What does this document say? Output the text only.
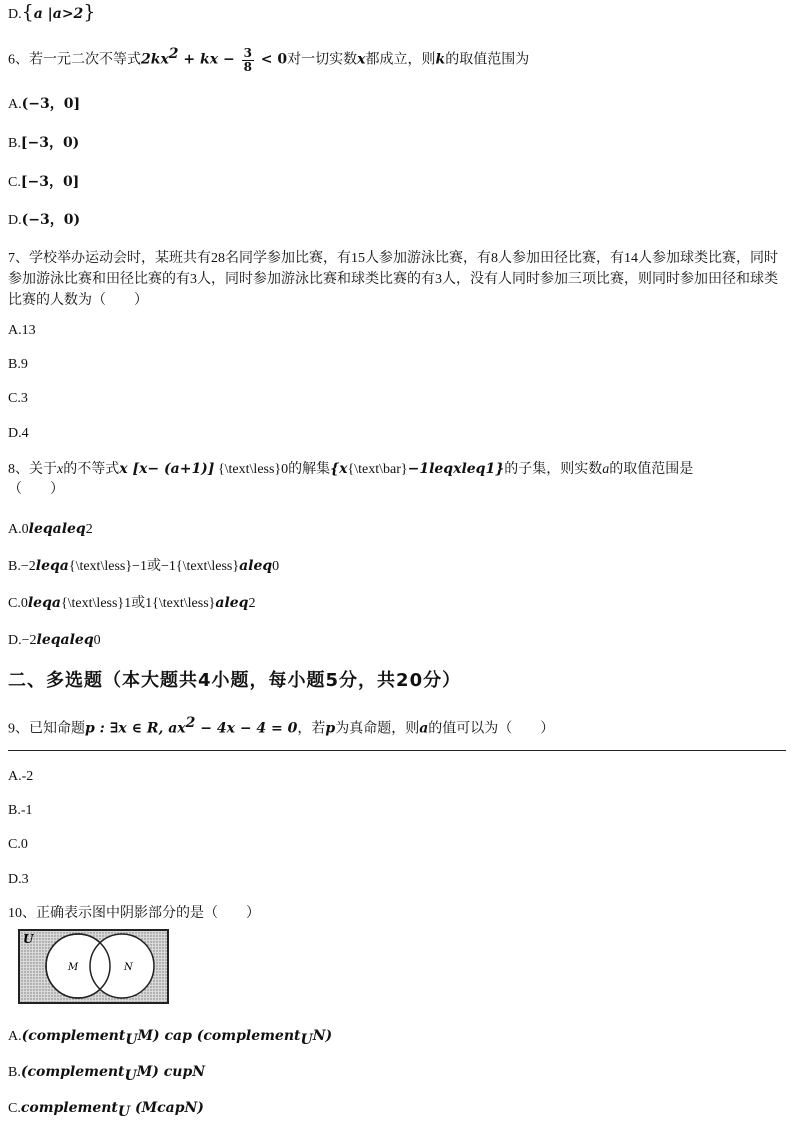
D.{a |a>2}
6、若一元二次不等式$2kx^2$ + kx − $\frac{3}{8} < 0$对一切实数x都成立，则k的取值范围为
A.(−3，0]
B.[−3，0)
C.[−3，0]
D.(−3，0)
7、学校举办运动会时，某班共有28名同学参加比赛，有15人参加游泳比赛，有8人参加田径比赛，有14人参加球类比赛，同时参加游泳比赛和田径比赛的有3人，同时参加游泳比赛和球类比赛的有3人，没有人同时参加三项比赛，则同时参加田径和球类比赛的人数为（　　）
A.13
B.9
C.3
D.4
8、关于x的不等式x [x− (a+1)] {\text\less}0的解集{x{\text\bar}−1leqxleq1}的子集，则实数a的取值范围是
（　　）
A.0leqaleq2
B.−2leqa{\text\less}−1或−1{\text\less}aleq0
C.0leqa{\text\less}1或1{\text\less}aleq2
D.−2leqaleq0
二、多选题（本大题共4小题，每小题5分，共20分）
9、已知命题p : ∃x ∈ R, $ax^2 - 4x - 4 = 0$，若p为真命题，则a的值可以为（　　）
A.-2
B.-1
C.0
D.3
10、正确表示图中阴影部分的是（　　）
U
M	N
A.(complement$_U$M) cap (complement$_U$N)
B.(complement$_U$M) cupN
C.complement$_U$ (McapN)
